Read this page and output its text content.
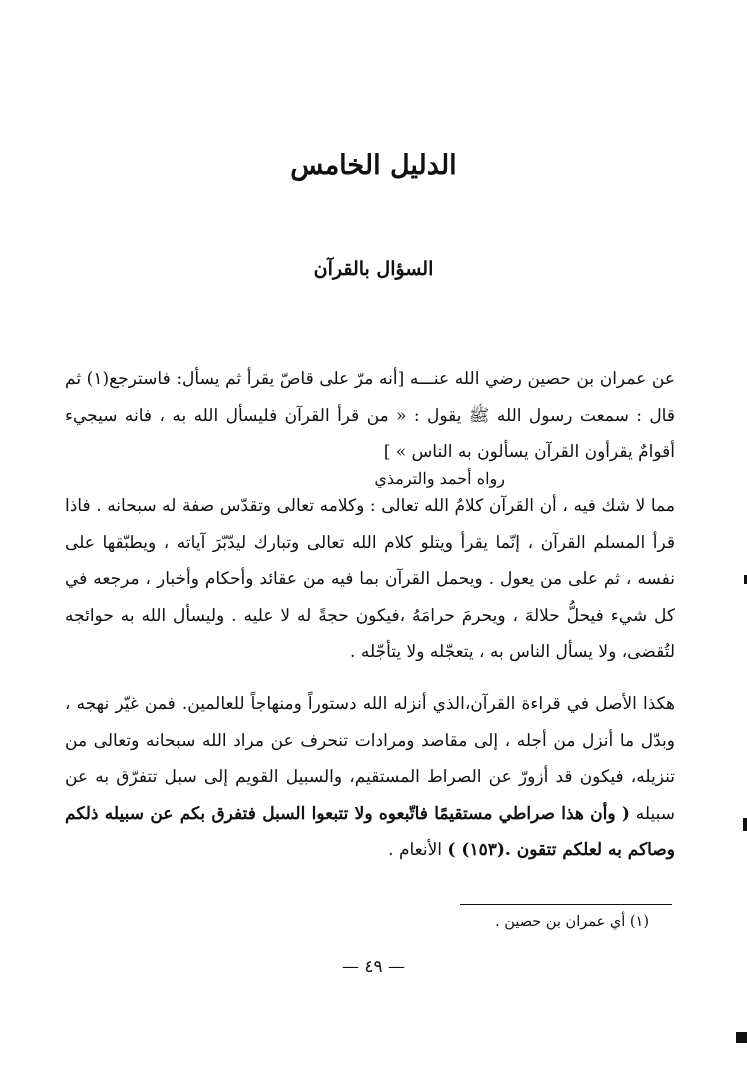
الدليل الخامس
السؤال بالقرآن
عن عمران بن حصين رضي الله عنـــه [أنه مرّ على قاصّ يقرأ ثم يسأل: فاسترجع(١) ثم قال : سمعت رسول الله ﷺ يقول : « من قرأ القرآن فليسأل الله به ، فانه سيجيء أقوامٌ يقرأون القرآن يسألون به الناس » ]
رواه أحمد والترمذي
مما لا شك فيه ، أن القرآن كلامُ الله تعالى : وكلامه تعالى وتقدّس صفة له سبحانه . فاذا قرأ المسلم القرآن ، إنّما يقرأ ويتلو كلام الله تعالى وتبارك ليدّبّرَ آياته ، ويطبّقها على نفسه ، ثم على من يعول . ويحمل القرآن بما فيه من عقائد وأحكام وأخبار ، مرجعه في كل شيء فيحلُّ حلالهَ ، ويحرمَ حرامَهُ ،فيكون حجةً له لا عليه . وليسأل الله به حوائجه لتُقضى، ولا يسأل الناس به ، يتعجّله ولا يتأجّله .
هكذا الأصل في قراءة القرآن،الذي أنزله الله دستوراً ومنهاجاً للعالمين. فمن غيّر نهجه ، وبدّل ما أنزل من أجله ، إلى مقاصد ومرادات تنحرف عن مراد الله سبحانه وتعالى من تنزيله، فيكون قد أزورّ عن الصراط المستقيم، والسبيل القويم إلى سبل تتفرّق به عن سبيله ( وأن هذا صراطي مستقيمًا فاتّبعوه ولا تتبعوا السبل فتفرق بكم عن سبيله ذلكم وصاكم به لعلكم تتقون .(١٥٣) ) الأنعام .
(١) أي عمران بن حصين .
— ٤٩ —
